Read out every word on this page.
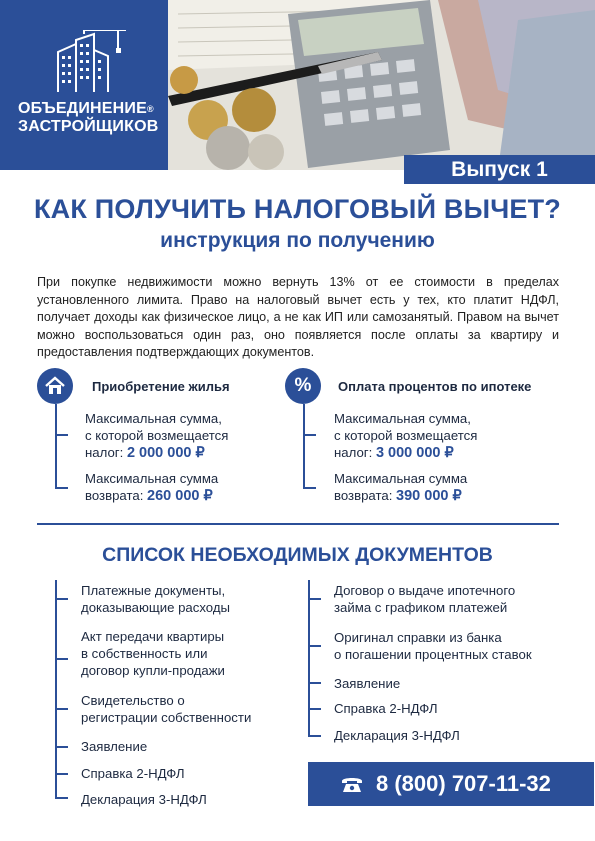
ОБЪЕДИНЕНИЕ®
ЗАСТРОЙЩИКОВ
Выпуск 1
КАК ПОЛУЧИТЬ НАЛОГОВЫЙ ВЫЧЕТ?
инструкция по получению
При покупке недвижимости можно вернуть 13% от ее стоимости в пределах установленного лимита. Право на налоговый вычет есть у тех, кто платит НДФЛ, получает доходы как физическое лицо, а не как ИП или самозанятый. Правом на вычет можно воспользоваться один раз, оно появляется после оплаты за квартиру и предоставления подтверждающих документов.
Приобретение жилья
Максимальная сумма,
с которой возмещается
налог: 2 000 000 ₽
Максимальная сумма
возврата: 260 000 ₽
%	Оплата процентов по ипотеке
Максимальная сумма,
с которой возмещается
налог: 3 000 000 ₽
Максимальная сумма
возврата: 390 000 ₽
СПИСОК НЕОБХОДИМЫХ ДОКУМЕНТОВ
Платежные документы,
доказывающие расходы
Акт передачи квартиры
в собственность или
договор купли-продажи
Свидетельство о
регистрации собственности
Заявление
Справка 2-НДФЛ
Декларация 3-НДФЛ
Договор о выдаче ипотечного
займа с графиком платежей
Оригинал справки из банка
о погашении процентных ставок
Заявление
Справка 2-НДФЛ
Декларация 3-НДФЛ
8 (800) 707-11-32
